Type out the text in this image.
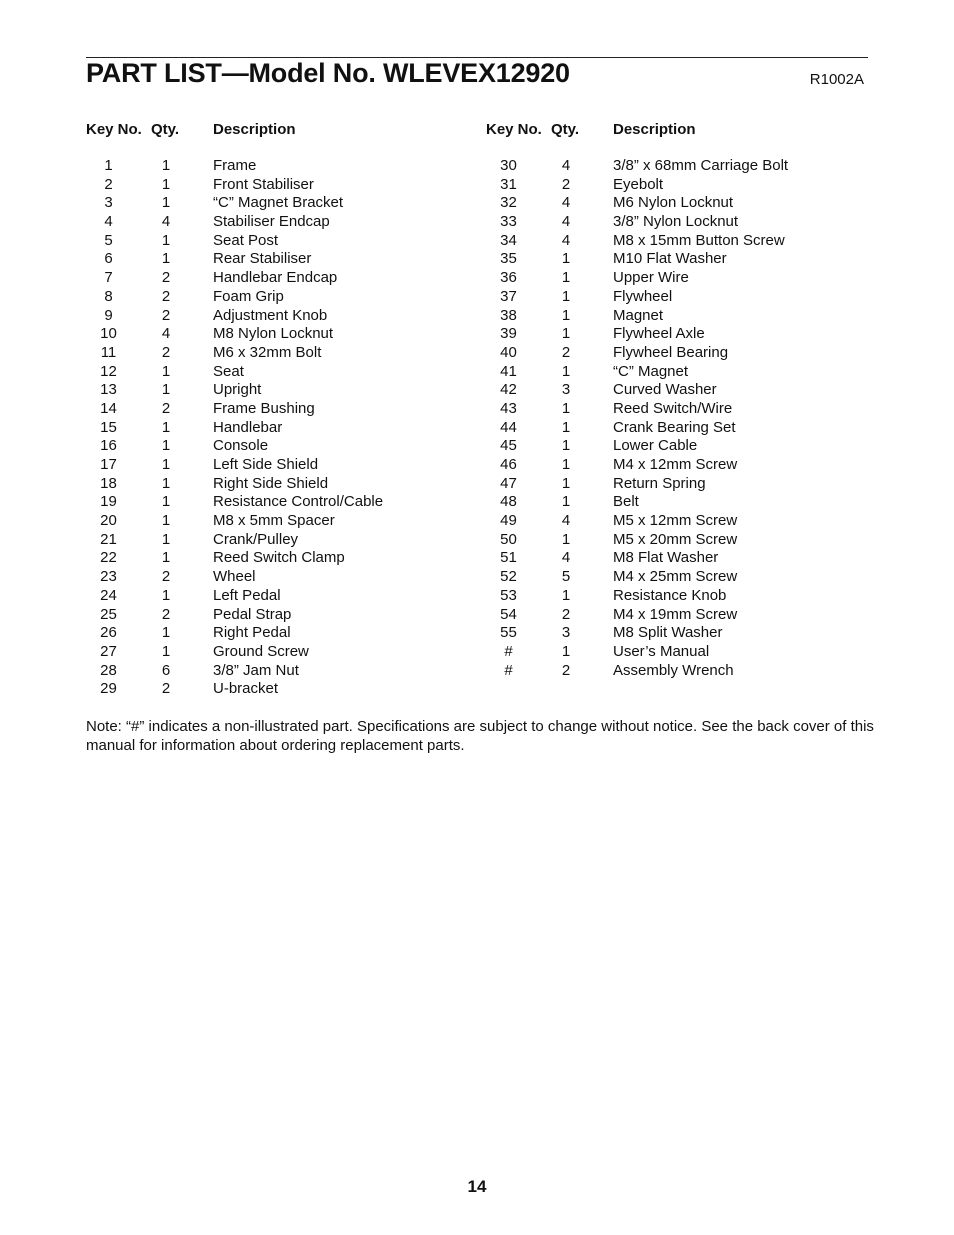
PART LIST—Model No. WLEVEX12920	R1002A
Key No. Qty. Description
1	1	Frame
2	1	Front Stabiliser
3	1	“C” Magnet Bracket
4	4	Stabiliser Endcap
5	1	Seat Post
6	1	Rear Stabiliser
7	2	Handlebar Endcap
8	2	Foam Grip
9	2	Adjustment Knob
10	4	M8 Nylon Locknut
11	2	M6 x 32mm Bolt
12	1	Seat
13	1	Upright
14	2	Frame Bushing
15	1	Handlebar
16	1	Console
17	1	Left Side Shield
18	1	Right Side Shield
19	1	Resistance Control/Cable
20	1	M8 x 5mm Spacer
21	1	Crank/Pulley
22	1	Reed Switch Clamp
23	2	Wheel
24	1	Left Pedal
25	2	Pedal Strap
26	1	Right Pedal
27	1	Ground Screw
28	6	3/8” Jam Nut
29	2	U-bracket
Key No. Qty. Description
30	4	3/8” x 68mm Carriage Bolt
31	2	Eyebolt
32	4	M6 Nylon Locknut
33	4	3/8” Nylon Locknut
34	4	M8 x 15mm Button Screw
35	1	M10 Flat Washer
36	1	Upper Wire
37	1	Flywheel
38	1	Magnet
39	1	Flywheel Axle
40	2	Flywheel Bearing
41	1	“C” Magnet
42	3	Curved Washer
43	1	Reed Switch/Wire
44	1	Crank Bearing Set
45	1	Lower Cable
46	1	M4 x 12mm Screw
47	1	Return Spring
48	1	Belt
49	4	M5 x 12mm Screw
50	1	M5 x 20mm Screw
51	4	M8 Flat Washer
52	5	M4 x 25mm Screw
53	1	Resistance Knob
54	2	M4 x 19mm Screw
55	3	M8 Split Washer
#	1	User’s Manual
#	2	Assembly Wrench
Note: “#” indicates a non-illustrated part. Specifications are subject to change without notice. See the back cover of this manual for information about ordering replacement parts.
14
